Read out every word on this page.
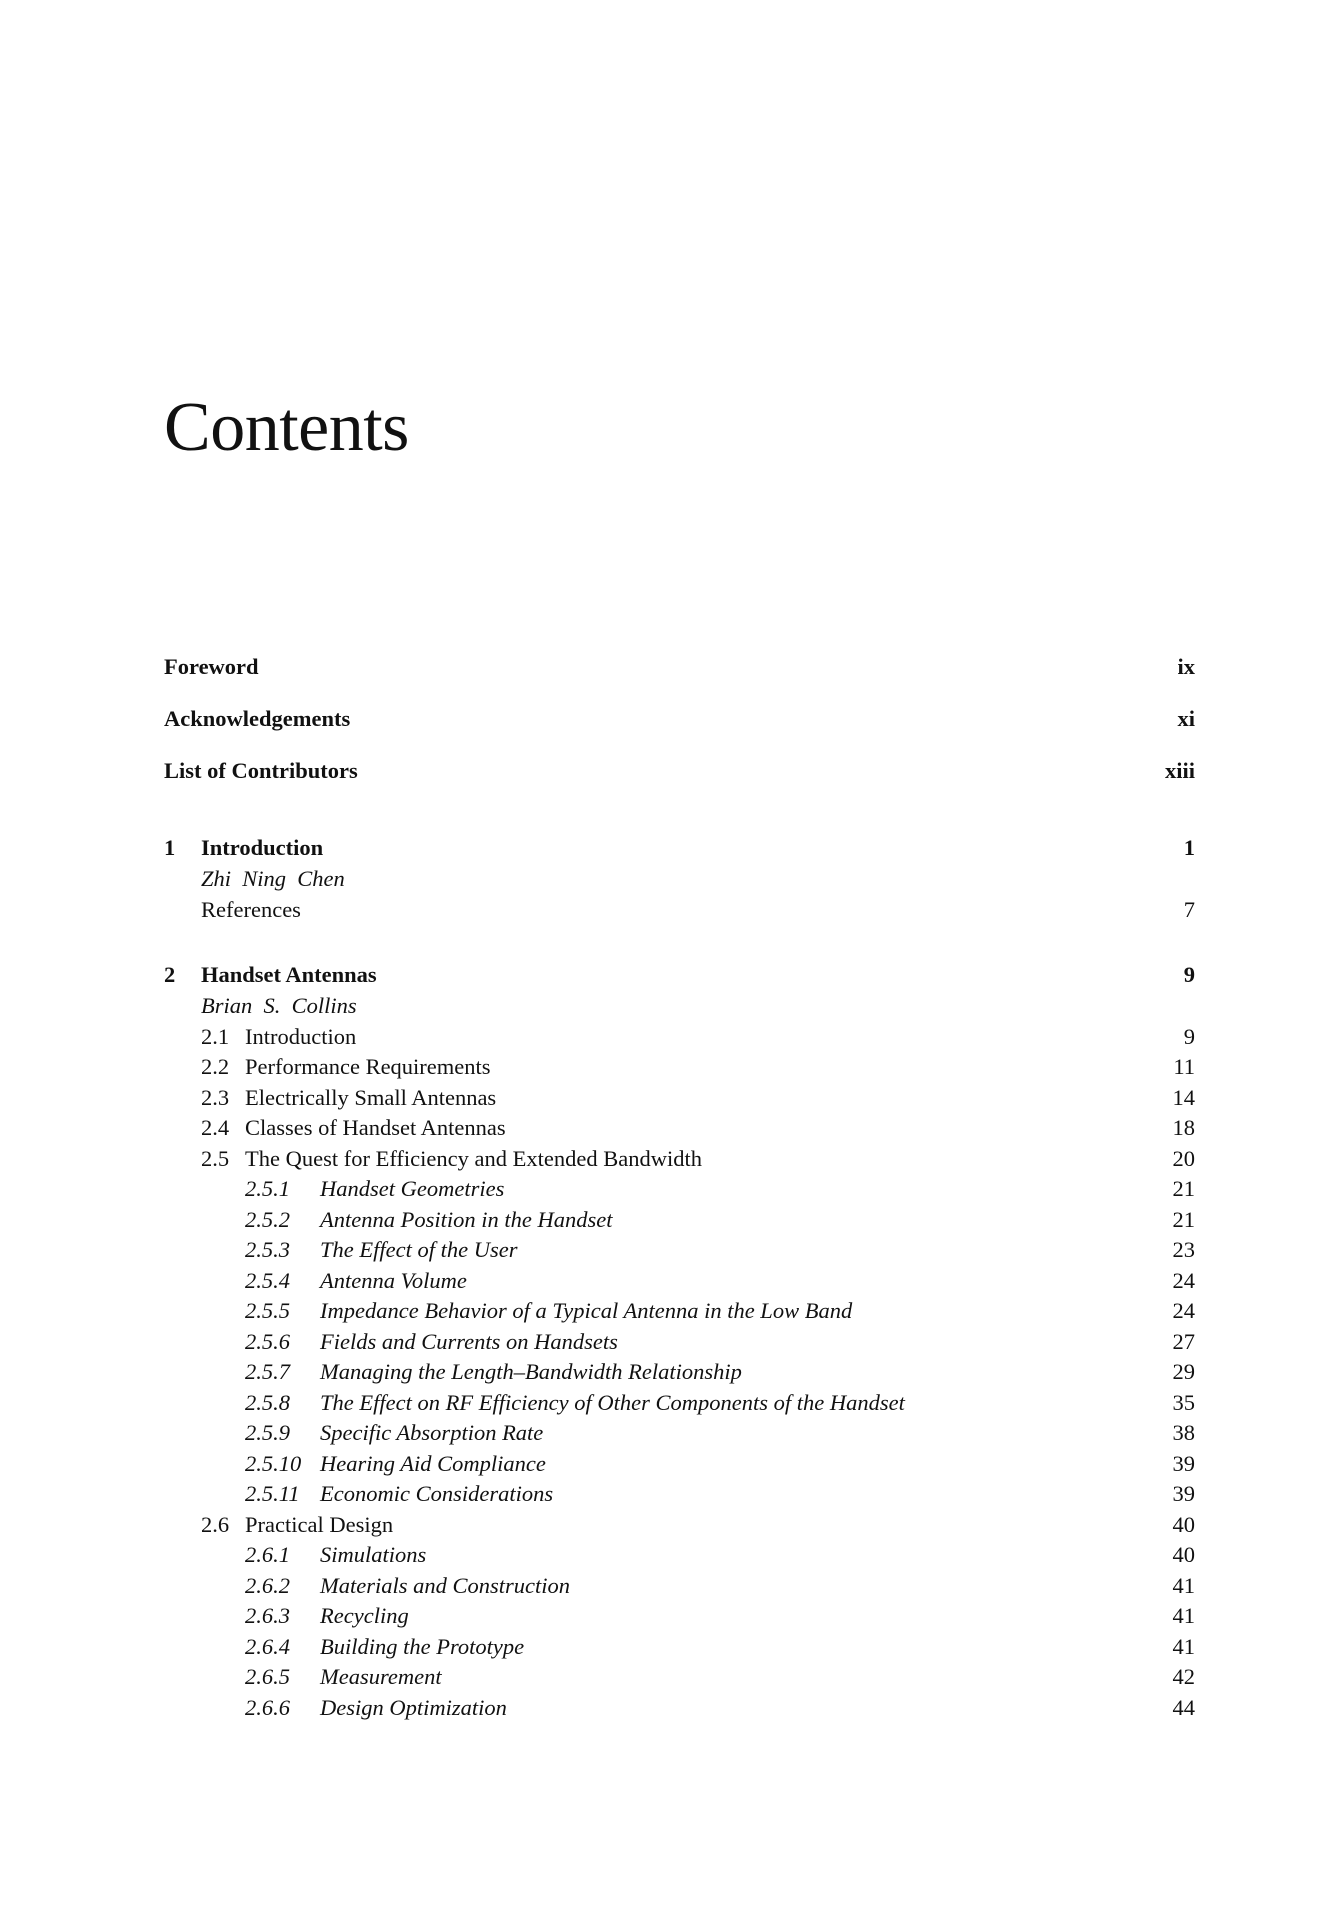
Contents
Foreword	ix
Acknowledgements	xi
List of Contributors	xiii
1 Introduction	1
Zhi  Ning  Chen
References	7
2 Handset Antennas	9
Brian  S.  Collins
2.1 Introduction	9
2.2 Performance Requirements	11
2.3 Electrically Small Antennas	14
2.4 Classes of Handset Antennas	18
2.5 The Quest for Efficiency and Extended Bandwidth	20
2.5.1 Handset Geometries	21
2.5.2 Antenna Position in the Handset	21
2.5.3 The Effect of the User	23
2.5.4 Antenna Volume	24
2.5.5 Impedance Behavior of a Typical Antenna in the Low Band	24
2.5.6 Fields and Currents on Handsets	27
2.5.7 Managing the Length–Bandwidth Relationship	29
2.5.8 The Effect on RF Efficiency of Other Components of the Handset	35
2.5.9 Specific Absorption Rate	38
2.5.10 Hearing Aid Compliance	39
2.5.11 Economic Considerations	39
2.6 Practical Design	40
2.6.1 Simulations	40
2.6.2 Materials and Construction	41
2.6.3 Recycling	41
2.6.4 Building the Prototype	41
2.6.5 Measurement	42
2.6.6 Design Optimization	44
